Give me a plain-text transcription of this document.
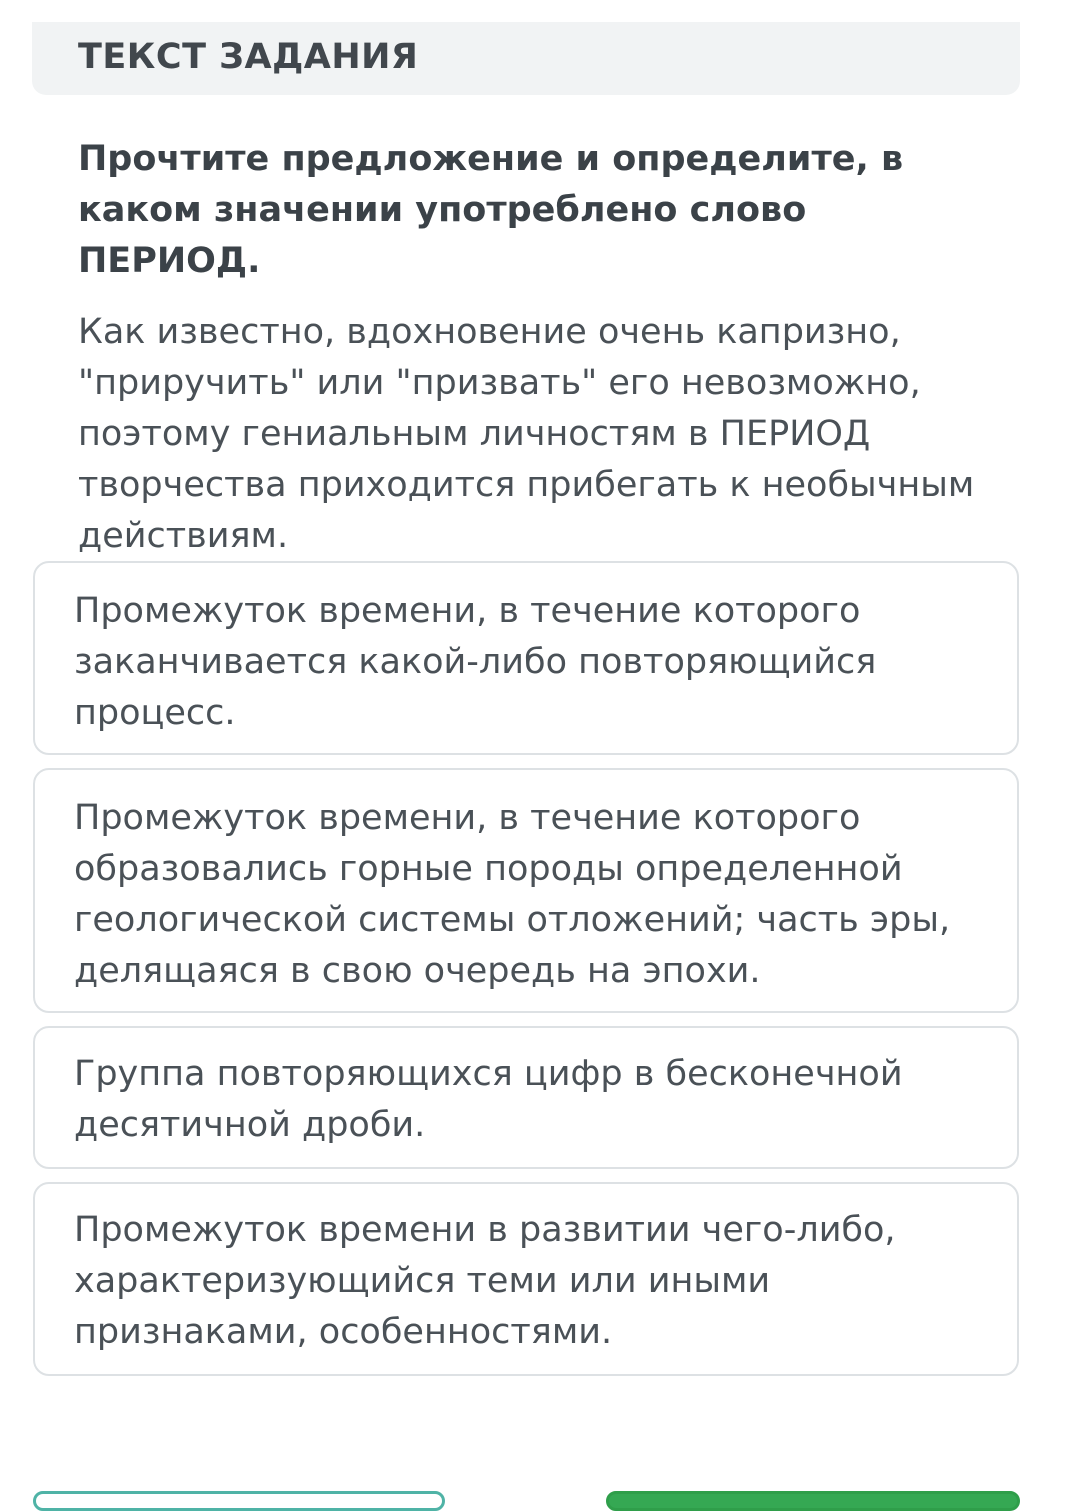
ТЕКСТ ЗАДАНИЯ

Прочтите предложение и определите, в каком значении употреблено слово ПЕРИОД.

Как известно, вдохновение очень капризно, "приручить" или "призвать" его невозможно, поэтому гениальным личностям в ПЕРИОД творчества приходится прибегать к необычным действиям.

Промежуток времени, в течение которого заканчивается какой-либо повторяющийся процесс.
Промежуток времени, в течение которого образовались горные породы определенной геологической системы отложений; часть эры, делящаяся в свою очередь на эпохи.
Группа повторяющихся цифр в бесконечной десятичной дроби.
Промежуток времени в развитии чего-либо, характеризующийся теми или иными признаками, особенностями.
